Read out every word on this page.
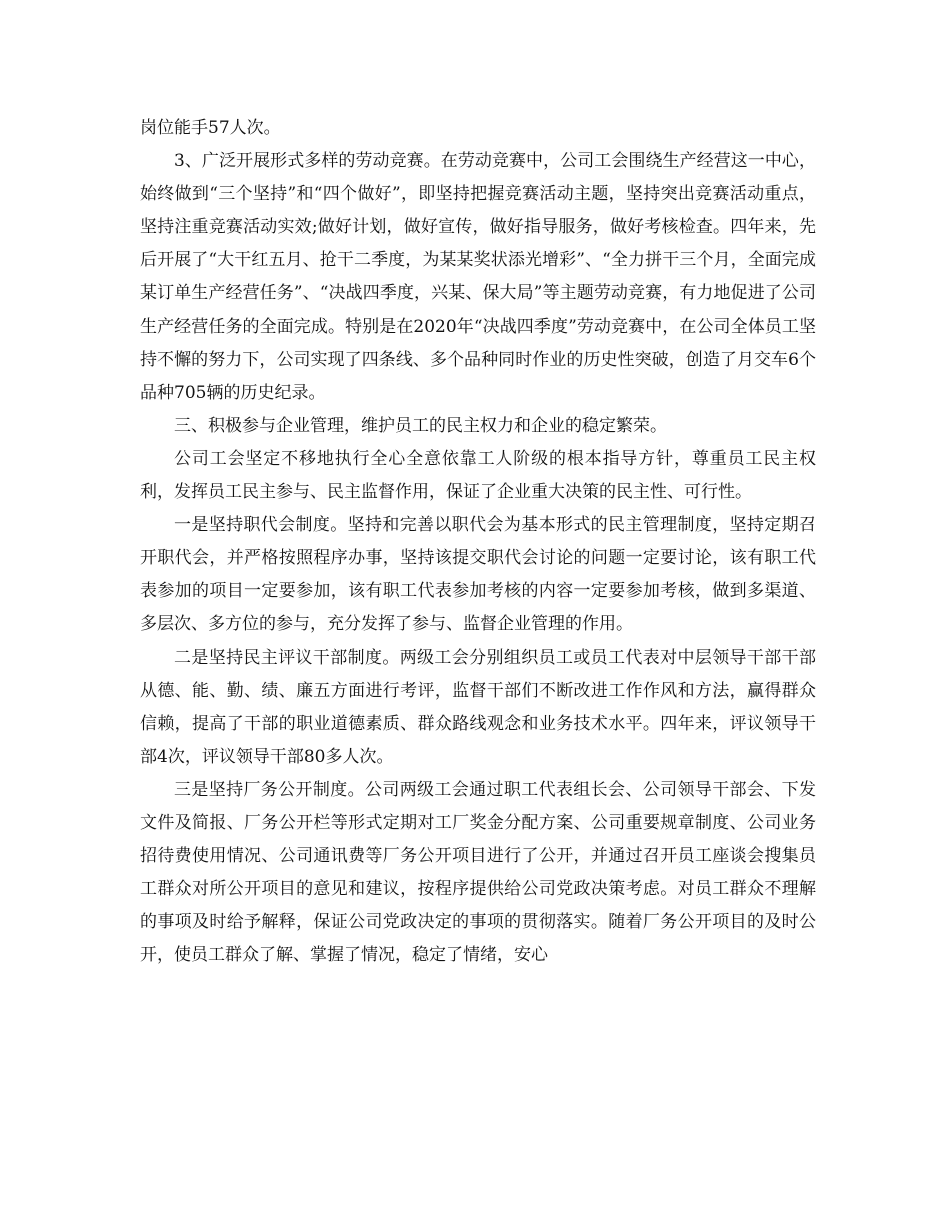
岗位能手57人次。

3、广泛开展形式多样的劳动竞赛。在劳动竞赛中，公司工会围绕生产经营这一中心，始终做到“三个坚持”和“四个做好”，即坚持把握竞赛活动主题，坚持突出竞赛活动重点，坚持注重竞赛活动实效;做好计划，做好宣传，做好指导服务，做好考核检查。四年来，先后开展了“大干红五月、抢干二季度，为某某奖状添光增彩”、“全力拼干三个月，全面完成某订单生产经营任务”、“决战四季度，兴某、保大局”等主题劳动竞赛，有力地促进了公司生产经营任务的全面完成。特别是在2020年“决战四季度”劳动竞赛中，在公司全体员工坚持不懈的努力下，公司实现了四条线、多个品种同时作业的历史性突破，创造了月交车6个品种705辆的历史纪录。

三、积极参与企业管理，维护员工的民主权力和企业的稳定繁荣。

公司工会坚定不移地执行全心全意依靠工人阶级的根本指导方针，尊重员工民主权利，发挥员工民主参与、民主监督作用，保证了企业重大决策的民主性、可行性。

一是坚持职代会制度。坚持和完善以职代会为基本形式的民主管理制度，坚持定期召开职代会，并严格按照程序办事，坚持该提交职代会讨论的问题一定要讨论，该有职工代表参加的项目一定要参加，该有职工代表参加考核的内容一定要参加考核，做到多渠道、多层次、多方位的参与，充分发挥了参与、监督企业管理的作用。

二是坚持民主评议干部制度。两级工会分别组织员工或员工代表对中层领导干部干部从德、能、勤、绩、廉五方面进行考评，监督干部们不断改进工作作风和方法，赢得群众信赖，提高了干部的职业道德素质、群众路线观念和业务技术水平。四年来，评议领导干部4次，评议领导干部80多人次。

三是坚持厂务公开制度。公司两级工会通过职工代表组长会、公司领导干部会、下发文件及简报、厂务公开栏等形式定期对工厂奖金分配方案、公司重要规章制度、公司业务招待费使用情况、公司通讯费等厂务公开项目进行了公开，并通过召开员工座谈会搜集员工群众对所公开项目的意见和建议，按程序提供给公司党政决策考虑。对员工群众不理解的事项及时给予解释，保证公司党政决定的事项的贯彻落实。随着厂务公开项目的及时公开，使员工群众了解、掌握了情况，稳定了情绪，安心
